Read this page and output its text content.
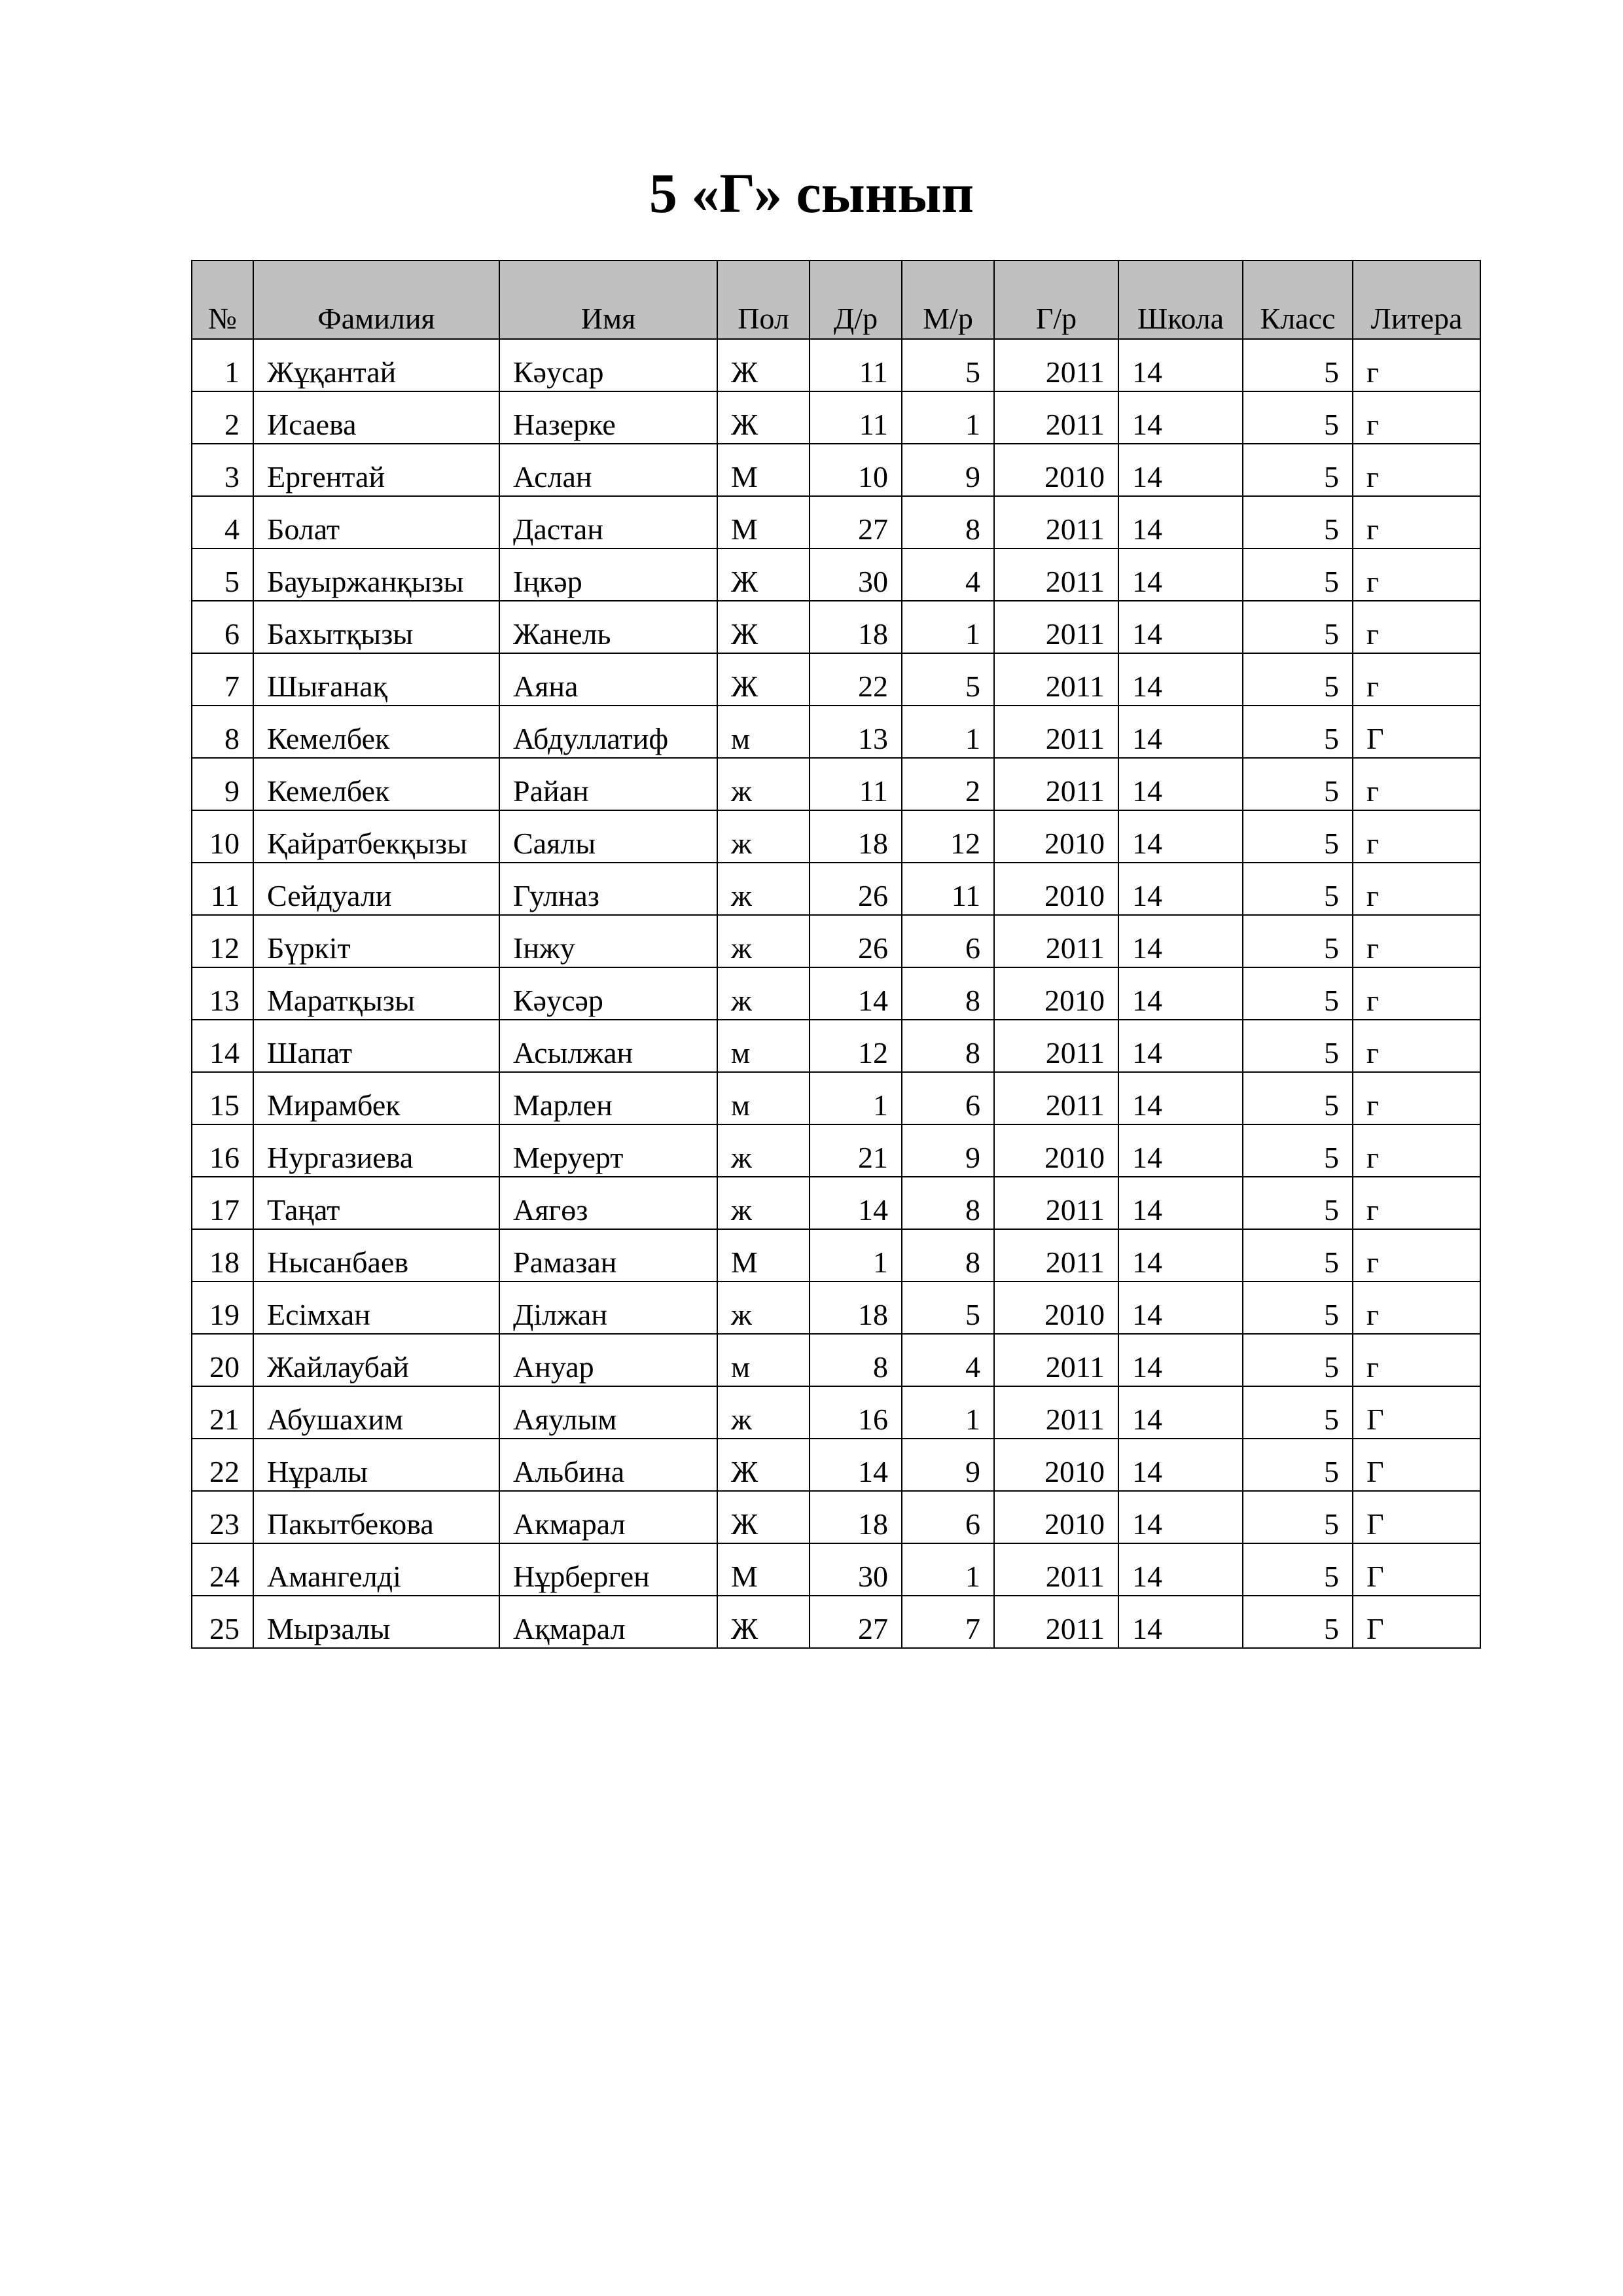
5 «Г» сынып
№	Фамилия	Имя	Пол	Д/р	М/р	Г/р	Школа	Класс	Литера
1	Жұқантай	Кәусар	Ж	11	5	2011	14	5	г
2	Исаева	Назерке	Ж	11	1	2011	14	5	г
3	Ергентай	Аслан	М	10	9	2010	14	5	г
4	Болат	Дастан	М	27	8	2011	14	5	г
5	Бауыржанқызы	Іңкәр	Ж	30	4	2011	14	5	г
6	Бахытқызы	Жанель	Ж	18	1	2011	14	5	г
7	Шығанақ	Аяна	Ж	22	5	2011	14	5	г
8	Кемелбек	Абдуллатиф	м	13	1	2011	14	5	Г
9	Кемелбек	Райан	ж	11	2	2011	14	5	г
10	Қайратбекқызы	Саялы	ж	18	12	2010	14	5	г
11	Сейдуали	Гулназ	ж	26	11	2010	14	5	г
12	Бүркіт	Інжу	ж	26	6	2011	14	5	г
13	Маратқызы	Кәусәр	ж	14	8	2010	14	5	г
14	Шапат	Асылжан	м	12	8	2011	14	5	г
15	Мирамбек	Марлен	м	1	6	2011	14	5	г
16	Нургазиева	Меруерт	ж	21	9	2010	14	5	г
17	Таңат	Аягөз	ж	14	8	2011	14	5	г
18	Нысанбаев	Рамазан	М	1	8	2011	14	5	г
19	Есімхан	Ділжан	ж	18	5	2010	14	5	г
20	Жайлаубай	Ануар	м	8	4	2011	14	5	г
21	Абушахим	Аяулым	ж	16	1	2011	14	5	Г
22	Нұралы	Альбина	Ж	14	9	2010	14	5	Г
23	Пакытбекова	Акмарал	Ж	18	6	2010	14	5	Г
24	Амангелді	Нұрберген	М	30	1	2011	14	5	Г
25	Мырзалы	Ақмарал	Ж	27	7	2011	14	5	Г
